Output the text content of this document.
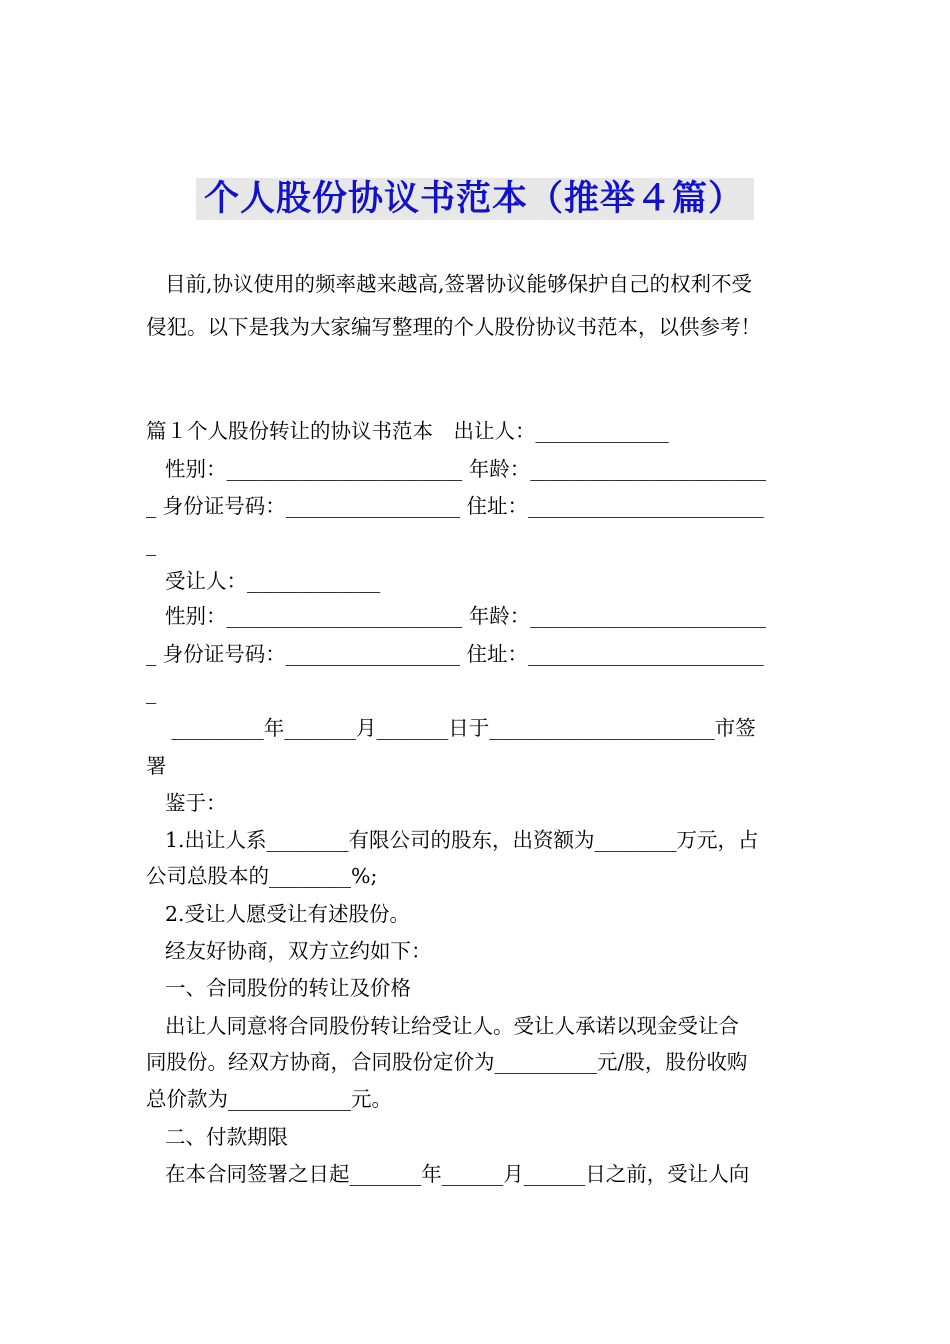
个人股份协议书范本（推举４篇）
目前,协议使用的频率越来越高,签署协议能够保护自己的权利不受
侵犯。以下是我为大家编写整理的个人股份协议书范本，以供参考！
篇１个人股份转让的协议书范本　出让人：_____________
性别：_______________________ 年龄：_______________________
_ 身份证号码：_________________ 住址：_______________________
_
受让人：_____________
性别：_______________________ 年龄：_______________________
_ 身份证号码：_________________ 住址：_______________________
_
_________年_______月_______日于______________________市签
署
鉴于：
1.出让人系________有限公司的股东，出资额为________万元，占
公司总股本的________%;
2.受让人愿受让有述股份。
经友好协商，双方立约如下：
一、合同股份的转让及价格
出让人同意将合同股份转让给受让人。受让人承诺以现金受让合
同股份。经双方协商，合同股份定价为__________元/股，股份收购
总价款为____________元。
二、付款期限
在本合同签署之日起_______年______月______日之前，受让人向
